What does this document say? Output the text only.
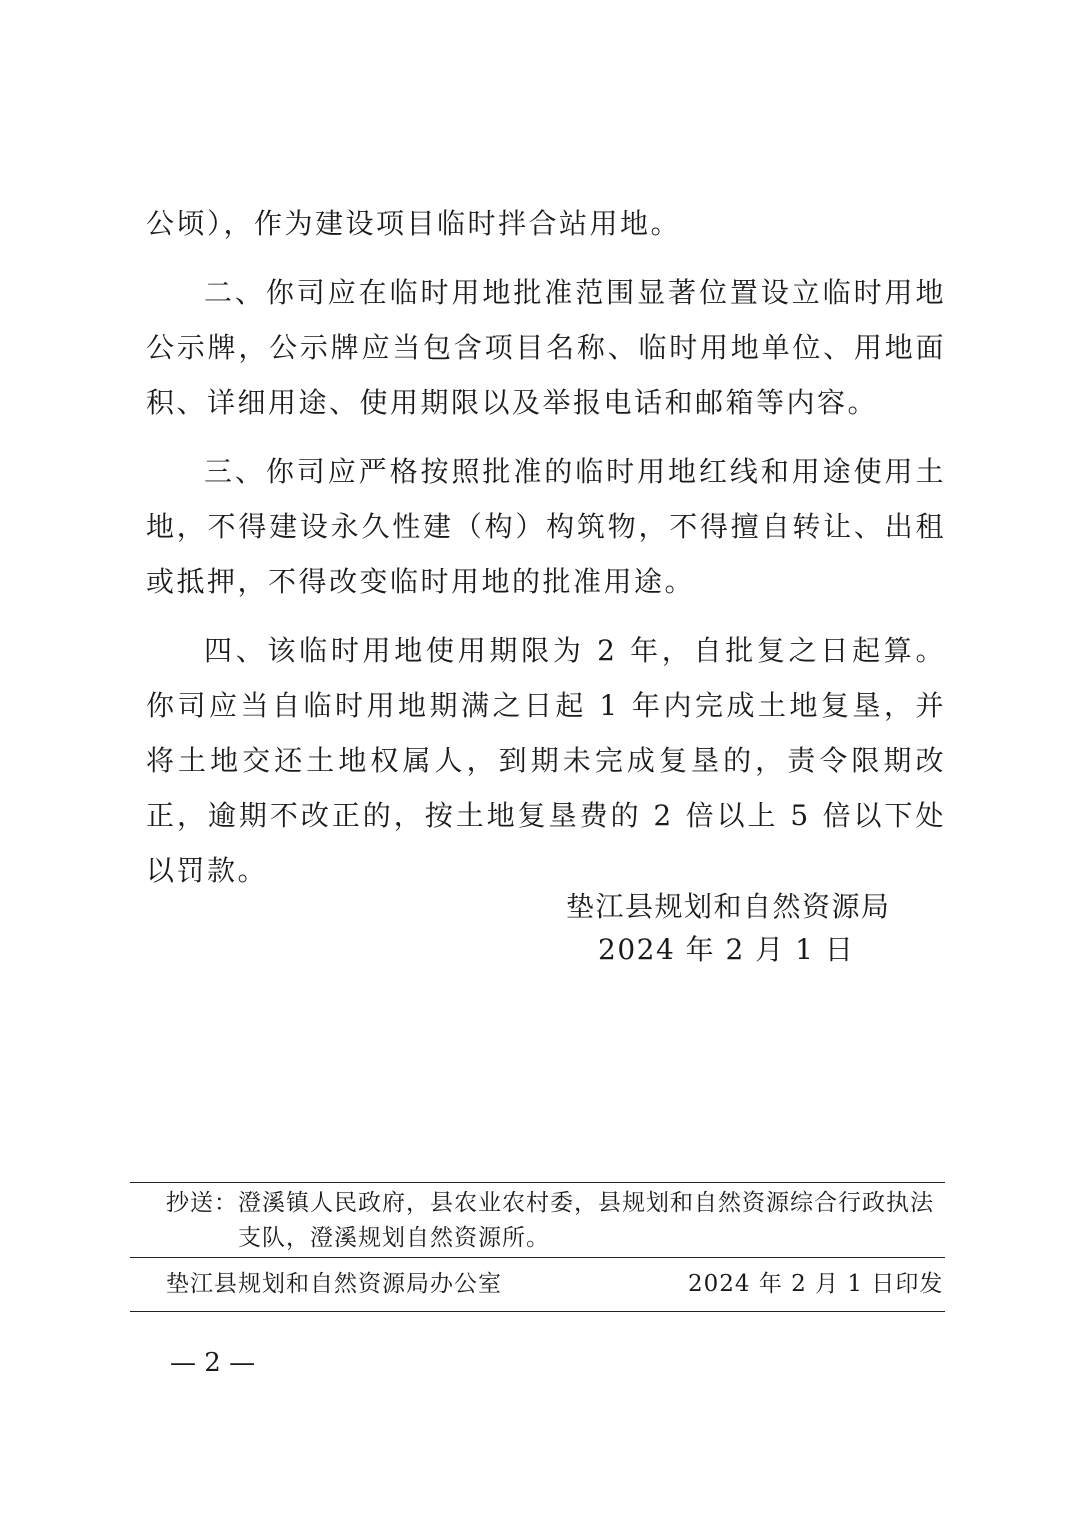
公顷），作为建设项目临时拌合站用地。

二、你司应在临时用地批准范围显著位置设立临时用地公示牌，公示牌应当包含项目名称、临时用地单位、用地面积、详细用途、使用期限以及举报电话和邮箱等内容。

三、你司应严格按照批准的临时用地红线和用途使用土地，不得建设永久性建（构）构筑物，不得擅自转让、出租或抵押，不得改变临时用地的批准用途。

四、该临时用地使用期限为 2 年，自批复之日起算。你司应当自临时用地期满之日起 1 年内完成土地复垦，并将土地交还土地权属人，到期未完成复垦的，责令限期改正，逾期不改正的，按土地复垦费的 2 倍以上 5 倍以下处以罚款。

垫江县规划和自然资源局
2024 年 2 月 1 日
抄送： 澄溪镇人民政府，县农业农村委，县规划和自然资源综合行政执法支队，澄溪规划自然资源所。
垫江县规划和自然资源局办公室	2024 年 2 月 1 日印发
— 2 —
